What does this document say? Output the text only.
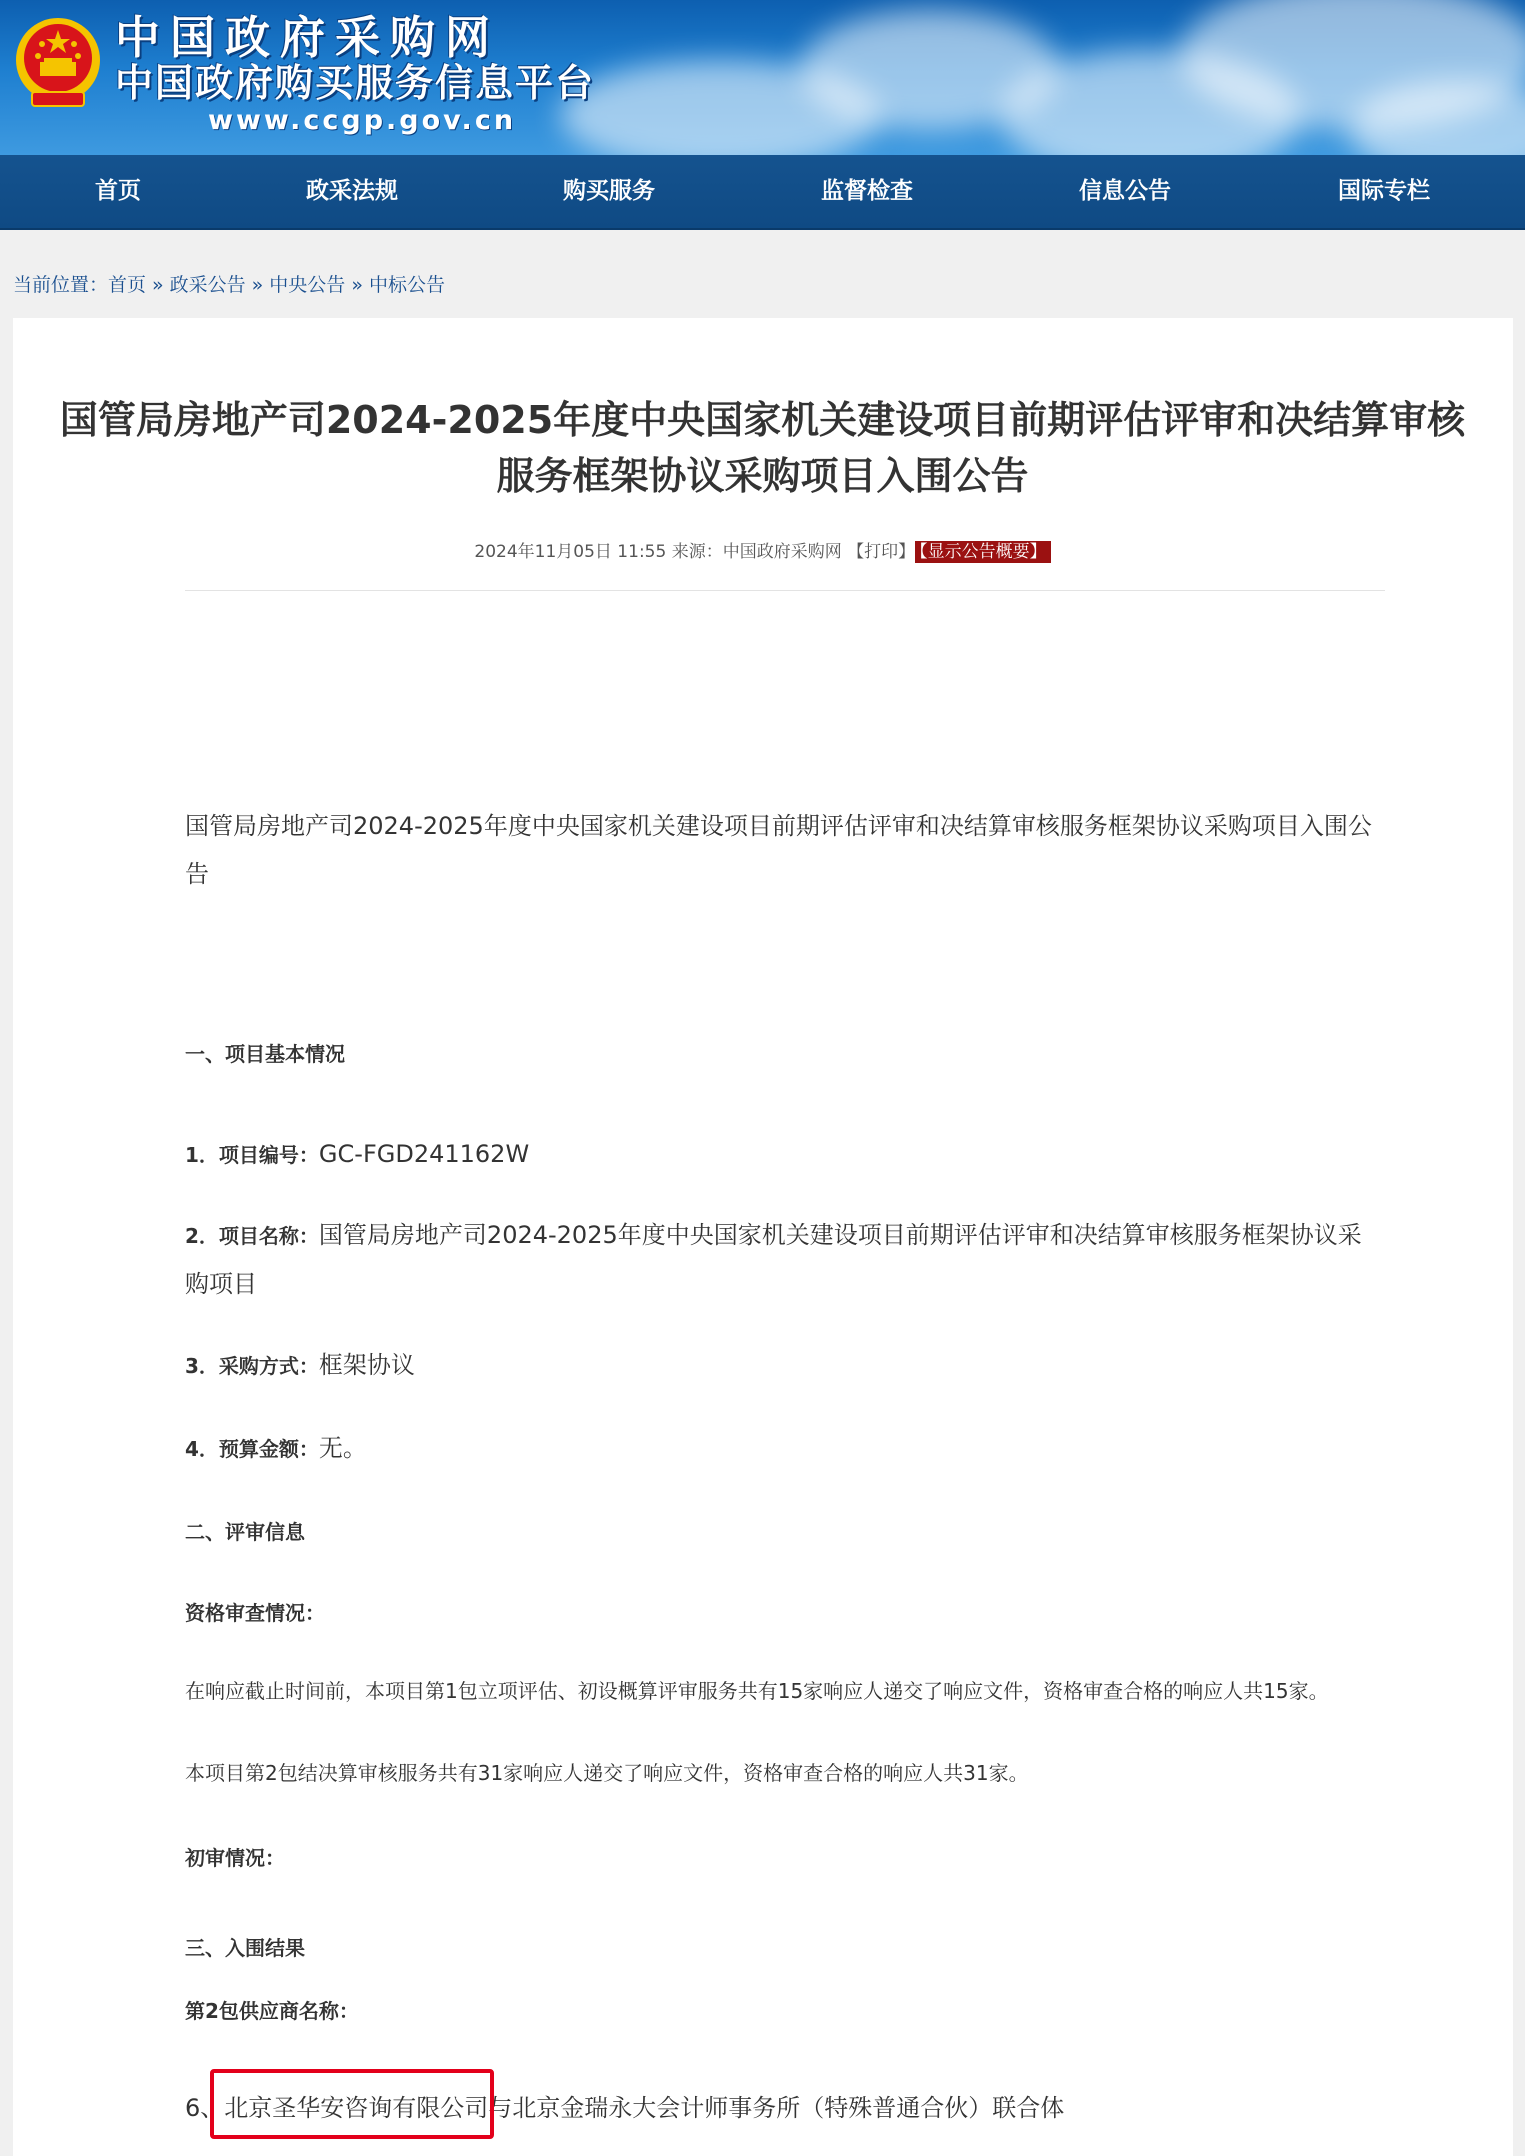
中国政府采购网
中国政府购买服务信息平台
www.ccgp.gov.cn
首页	政采法规	购买服务	监督检查	信息公告	国际专栏
当前位置：首页 » 政采公告 » 中央公告 » 中标公告
国管局房地产司2024-2025年度中央国家机关建设项目前期评估评审和决结算审核
服务框架协议采购项目入围公告
2024年11月05日 11:55 来源：中国政府采购网 【打印】 【显示公告概要】
国管局房地产司2024-2025年度中央国家机关建设项目前期评估评审和决结算审核服务框架协议采购项目入围公告
一、项目基本情况
1．项目编号：GC-FGD241162W
2．项目名称：国管局房地产司2024-2025年度中央国家机关建设项目前期评估评审和决结算审核服务框架协议采购项目
3．采购方式：框架协议
4．预算金额：无。
二、评审信息
资格审查情况：
在响应截止时间前，本项目第1包立项评估、初设概算评审服务共有15家响应人递交了响应文件，资格审查合格的响应人共15家。
本项目第2包结决算审核服务共有31家响应人递交了响应文件，资格审查合格的响应人共31家。
初审情况：
三、入围结果
第2包供应商名称：
6、北京圣华安咨询有限公司与北京金瑞永大会计师事务所（特殊普通合伙）联合体
